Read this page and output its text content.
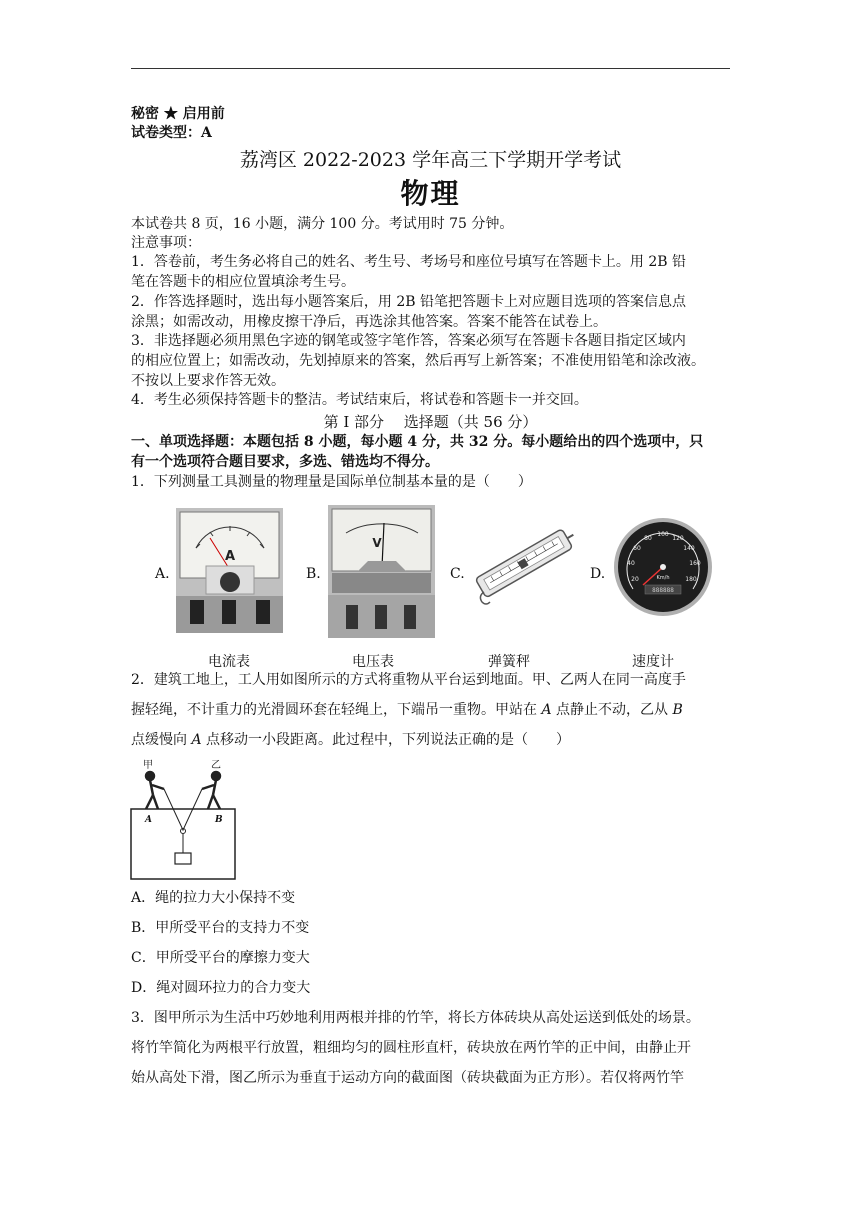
秘密 ★ 启用前
试卷类型：A
荔湾区 2022-2023 学年高三下学期开学考试
物理
本试卷共 8 页，16 小题，满分 100 分。考试用时 75 分钟。
注意事项：
1．答卷前，考生务必将自己的姓名、考生号、考场号和座位号填写在答题卡上。用 2B 铅
笔在答题卡的相应位置填涂考生号。
2．作答选择题时，选出每小题答案后，用 2B 铅笔把答题卡上对应题目选项的答案信息点
涂黑；如需改动，用橡皮擦干净后，再选涂其他答案。答案不能答在试卷上。
3．非选择题必须用黑色字迹的钢笔或签字笔作答，答案必须写在答题卡各题目指定区域内
的相应位置上；如需改动，先划掉原来的答案，然后再写上新答案；不准使用铅笔和涂改液。
不按以上要求作答无效。
4．考生必须保持答题卡的整洁。考试结束后，将试卷和答题卡一并交回。
第 I 部分　 选择题（共 56 分）
一、单项选择题：本题包括 8 小题，每小题 4 分，共 32 分。每小题给出的四个选项中，只
有一个选项符合题目要求，多选、错选均不得分。
1．下列测量工具测量的物理量是国际单位制基本量的是（　　）
A.	B.	C.	D.
A
V
20
40
60
80
100
120
140
160
180
Km/h
888888
电流表	电压表	弹簧秤	速度计
2．建筑工地上，工人用如图所示的方式将重物从平台运到地面。甲、乙两人在同一高度手
握轻绳，不计重力的光滑圆环套在轻绳上，下端吊一重物。甲站在 A 点静止不动，乙从 B
点缓慢向 A 点移动一小段距离。此过程中，下列说法正确的是（　　）
甲	乙
A	B
A．绳的拉力大小保持不变
B．甲所受平台的支持力不变
C．甲所受平台的摩擦力变大
D．绳对圆环拉力的合力变大
3．图甲所示为生活中巧妙地利用两根并排的竹竿，将长方体砖块从高处运送到低处的场景。
将竹竿简化为两根平行放置，粗细均匀的圆柱形直杆，砖块放在两竹竿的正中间，由静止开
始从高处下滑，图乙所示为垂直于运动方向的截面图（砖块截面为正方形）。若仅将两竹竿
